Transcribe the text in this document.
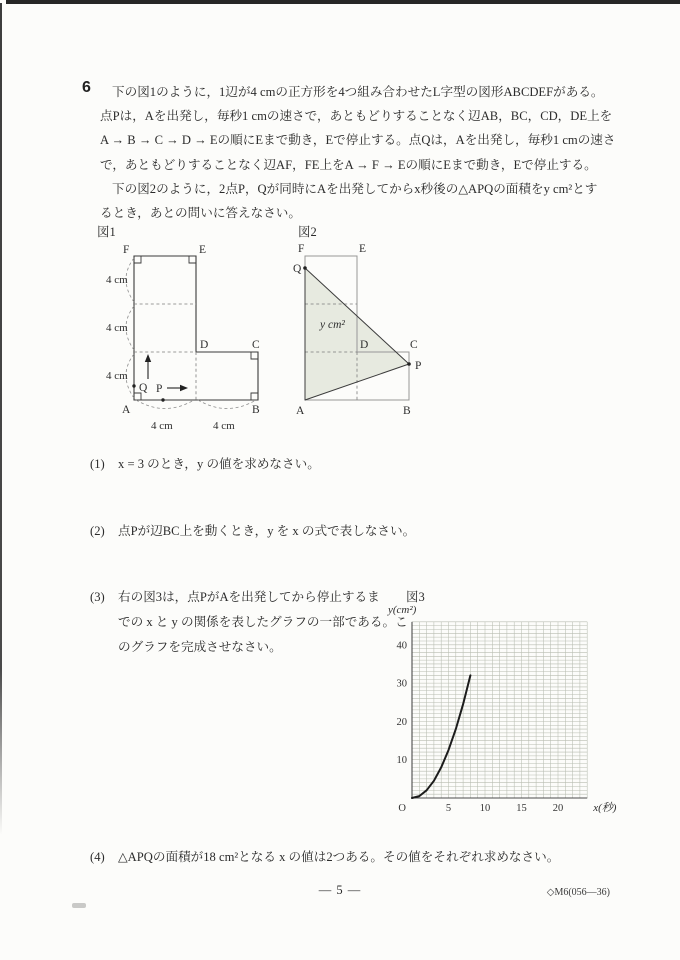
6	下の図1のように，1辺が4 cmの正方形を4つ組み合わせたL字型の図形ABCDEFがある。
点Pは，Aを出発し，毎秒1 cmの速さで，あともどりすることなく辺AB，BC，CD，DE上を
A → B → C → D → Eの順にEまで動き，Eで停止する。点Qは，Aを出発し，毎秒1 cmの速さ
で，あともどりすることなく辺AF，FE上をA → F → Eの順にEまで動き，Eで停止する。
下の図2のように，2点P，Qが同時にAを出発してからx秒後の△APQの面積をy cm²とす
るとき，あとの問いに答えなさい。
図1
F	E
D	C
A	B
4 cm
4 cm
4 cm
4 cm	4 cm
Q P
図2
F	E
Q
y cm²
D	C
P
A	B
(1) x = 3 のとき，y の値を求めなさい。
(2) 点Pが辺BC上を動くとき，y を x の式で表しなさい。
(3) 右の図3は，点PがAを出発してから停止するま
での x と y の関係を表したグラフの一部である。こ
のグラフを完成させなさい。
(4) △APQの面積が18 cm²となる x の値は2つある。その値をそれぞれ求めなさい。
図3
y(cm²)
x(秒)
O
10
20
30
40
5	10 15 20
— 5 —	◇M6(056—36)
